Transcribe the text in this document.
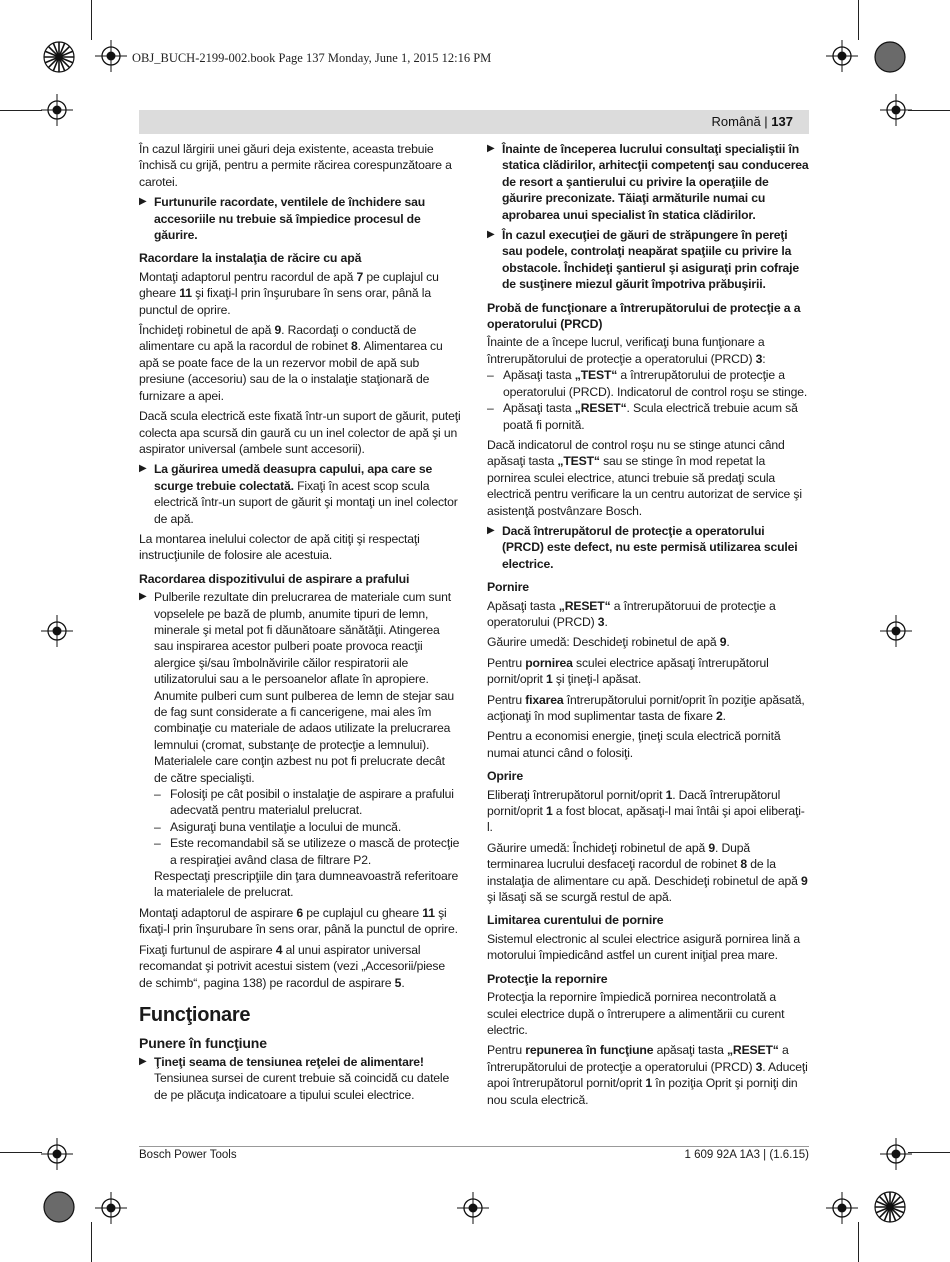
OBJ_BUCH-2199-002.book Page 137 Monday, June 1, 2015 12:16 PM
Română | 137

În cazul lărgirii unei găuri deja existente, aceasta trebuie închisă cu grijă, pentru a permite răcirea corespunzătoare a carotei.

▶ Furtunurile racordate, ventilele de închidere sau accesoriile nu trebuie să împiedice procesul de găurire.
Racordare la instalaţia de răcire cu apă

Montaţi adaptorul pentru racordul de apă 7 pe cuplajul cu gheare 11 şi fixaţi-l prin înşurubare în sens orar, până la punctul de oprire.

Închideţi robinetul de apă 9. Racordaţi o conductă de alimentare cu apă la racordul de robinet 8. Alimentarea cu apă se poate face de la un rezervor mobil de apă sub presiune (accesoriu) sau de la o instalaţie staţionară de furnizare a apei.

Dacă scula electrică este fixată într-un suport de găurit, puteţi colecta apa scursă din gaură cu un inel colector de apă şi un aspirator universal (ambele sunt accesorii).

▶ La găurirea umedă deasupra capului, apa care se scurge trebuie colectată. Fixaţi în acest scop scula electrică într-un suport de găurit şi montaţi un inel colector de apă.

La montarea inelului colector de apă citiţi şi respectaţi instrucţiunile de folosire ale acestuia.

Racordarea dispozitivului de aspirare a prafului
▶ Pulberile rezultate din prelucrarea de materiale cum sunt vopselele pe bază de plumb, anumite tipuri de lemn, minerale şi metal pot fi dăunătoare sănătăţii. Atingerea sau inspirarea acestor pulberi poate provoca reacţii alergice şi/sau îmbolnăvirile căilor respiratorii ale utilizatorului sau a le persoanelor aflate în apropiere.

Anumite pulberi cum sunt pulberea de lemn de stejar sau de fag sunt considerate a fi cancerigene, mai ales îm combinaţie cu materiale de adaos utilizate la prelucrarea lemnului (cromat, substanţe de protecţie a lemnului). Materialele care conţin azbest nu pot fi prelucrate decât de către specialişti.

– Folosiţi pe cât posibil o instalaţie de aspirare a prafului adecvată pentru materialul prelucrat.
– Asiguraţi buna ventilaţie a locului de muncă.
– Este recomandabil să se utilizeze o mască de protecţie a respiraţiei având clasa de filtrare P2.

Respectaţi prescripţiile din ţara dumneavoastră referitoare la materialele de prelucrat.

Montaţi adaptorul de aspirare 6 pe cuplajul cu gheare 11 şi fixaţi-l prin înşurubare în sens orar, până la punctul de oprire.

Fixaţi furtunul de aspirare 4 al unui aspirator universal recomandat şi potrivit acestui sistem (vezi „Accesorii/piese de schimb“, pagina 138) pe racordul de aspirare 5.

Funcţionare
Punere în funcţiune
▶ Ţineţi seama de tensiunea reţelei de alimentare! Tensiunea sursei de curent trebuie să coincidă cu datele de pe plăcuţa indicatoare a tipului sculei electrice.
▶ Înainte de începerea lucrului consultaţi specialiştii în statica clădirilor, arhitecţii competenţi sau conducerea de resort a şantierului cu privire la operaţiile de găurire preconizate. Tăiaţi armăturile numai cu aprobarea unui specialist în statica clădirilor.
▶ În cazul execuţiei de găuri de străpungere în pereţi sau podele, controlaţi neapărat spaţiile cu privire la obstacole. Închideţi şantierul şi asiguraţi prin cofraje de susţinere miezul găurit împotriva prăbuşirii.
Probă de funcţionare a întrerupătorului de protecţie a a operatorului (PRCD)

Înainte de a începe lucrul, verificaţi buna funţionare a întrerupătorului de protecţie a operatorului (PRCD) 3:

– Apăsaţi tasta „TEST“ a întrerupătorului de protecţie a operatorului (PRCD). Indicatorul de control roşu se stinge.
– Apăsaţi tasta „RESET“. Scula electrică trebuie acum să poată fi pornită.

Dacă indicatorul de control roşu nu se stinge atunci când apăsaţi tasta „TEST“ sau se stinge în mod repetat la pornirea sculei electrice, atunci trebuie să predaţi scula electrică pentru verificare la un centru autorizat de service şi asistenţă postvânzare Bosch.

▶ Dacă întrerupătorul de protecţie a operatorului (PRCD) este defect, nu este permisă utilizarea sculei electrice.
Pornire

Apăsaţi tasta „RESET“ a întrerupătoruui de protecţie a operatorului (PRCD) 3.

Găurire umedă: Deschideţi robinetul de apă 9.

Pentru pornirea sculei electrice apăsaţi întrerupătorul pornit/oprit 1 şi ţineţi-l apăsat.

Pentru fixarea întrerupătorului pornit/oprit în poziţie apăsată, acţionaţi în mod suplimentar tasta de fixare 2.

Pentru a economisi energie, ţineţi scula electrică pornită numai atunci când o folosiţi.

Oprire

Eliberaţi întrerupătorul pornit/oprit 1. Dacă întrerupătorul pornit/oprit 1 a fost blocat, apăsaţi-l mai întâi şi apoi eliberaţi-l.

Găurire umedă: Închideţi robinetul de apă 9. După terminarea lucrului desfaceţi racordul de robinet 8 de la instalaţia de alimentare cu apă. Deschideţi robinetul de apă 9 şi lăsaţi să se scurgă restul de apă.

Limitarea curentului de pornire

Sistemul electronic al sculei electrice asigură pornirea lină a motorului împiedicând astfel un curent iniţial prea mare.

Protecţie la repornire

Protecţia la repornire împiedică pornirea necontrolată a sculei electrice după o întrerupere a alimentării cu curent electric.

Pentru repunerea în funcţiune apăsaţi tasta „RESET“ a întrerupătorului de protecţie a operatorului (PRCD) 3. Aduceţi apoi întrerupătorul pornit/oprit 1 în poziţia Oprit şi porniţi din nou scula electrică.

Bosch Power Tools	1 609 92A 1A3 | (1.6.15)
